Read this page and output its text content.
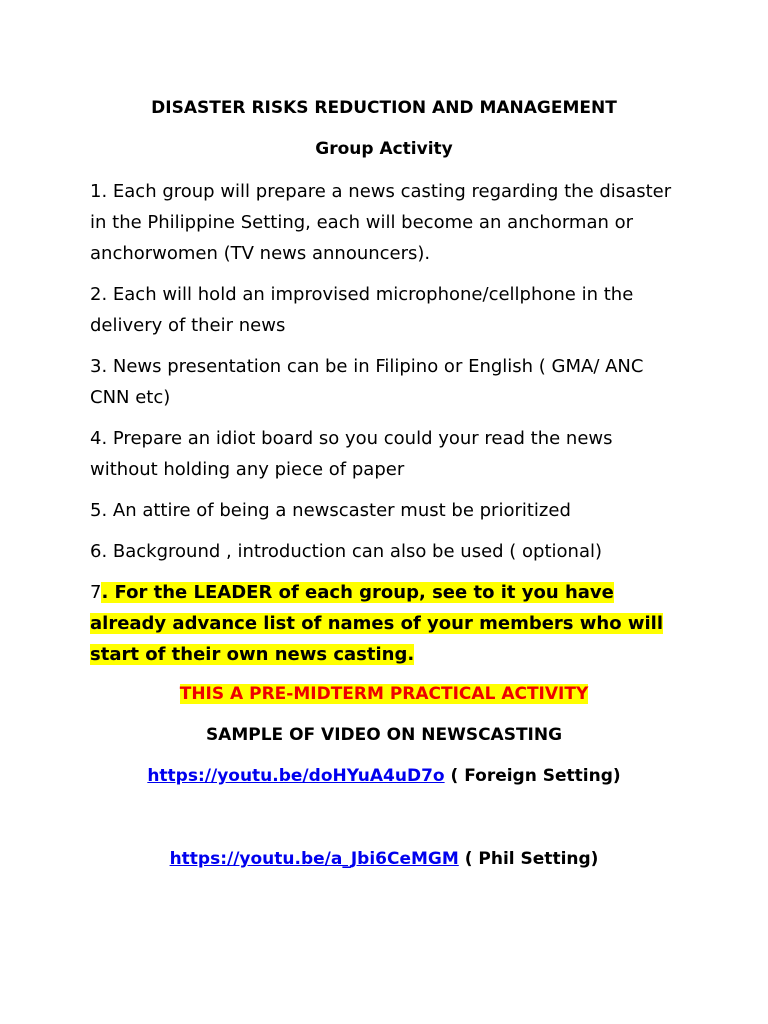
DISASTER RISKS REDUCTION AND MANAGEMENT
Group Activity
1. Each group will prepare a news casting regarding the disaster in the Philippine Setting, each will become an anchorman or anchorwomen (TV news announcers).
2. Each will hold an improvised microphone/cellphone in the delivery of their news
3. News presentation can be in Filipino or English ( GMA/ ANC CNN etc)
4. Prepare an idiot board so you could your read the news without holding any piece of paper
5. An attire of being a newscaster must be prioritized
6. Background , introduction can also be used ( optional)
7. For the LEADER of each group, see to it you have already advance list of names of your members who will start of their own news casting.
THIS A PRE-MIDTERM PRACTICAL ACTIVITY
SAMPLE OF VIDEO ON NEWSCASTING
https://youtu.be/doHYuA4uD7o ( Foreign Setting)
https://youtu.be/a_Jbi6CeMGM ( Phil Setting)
